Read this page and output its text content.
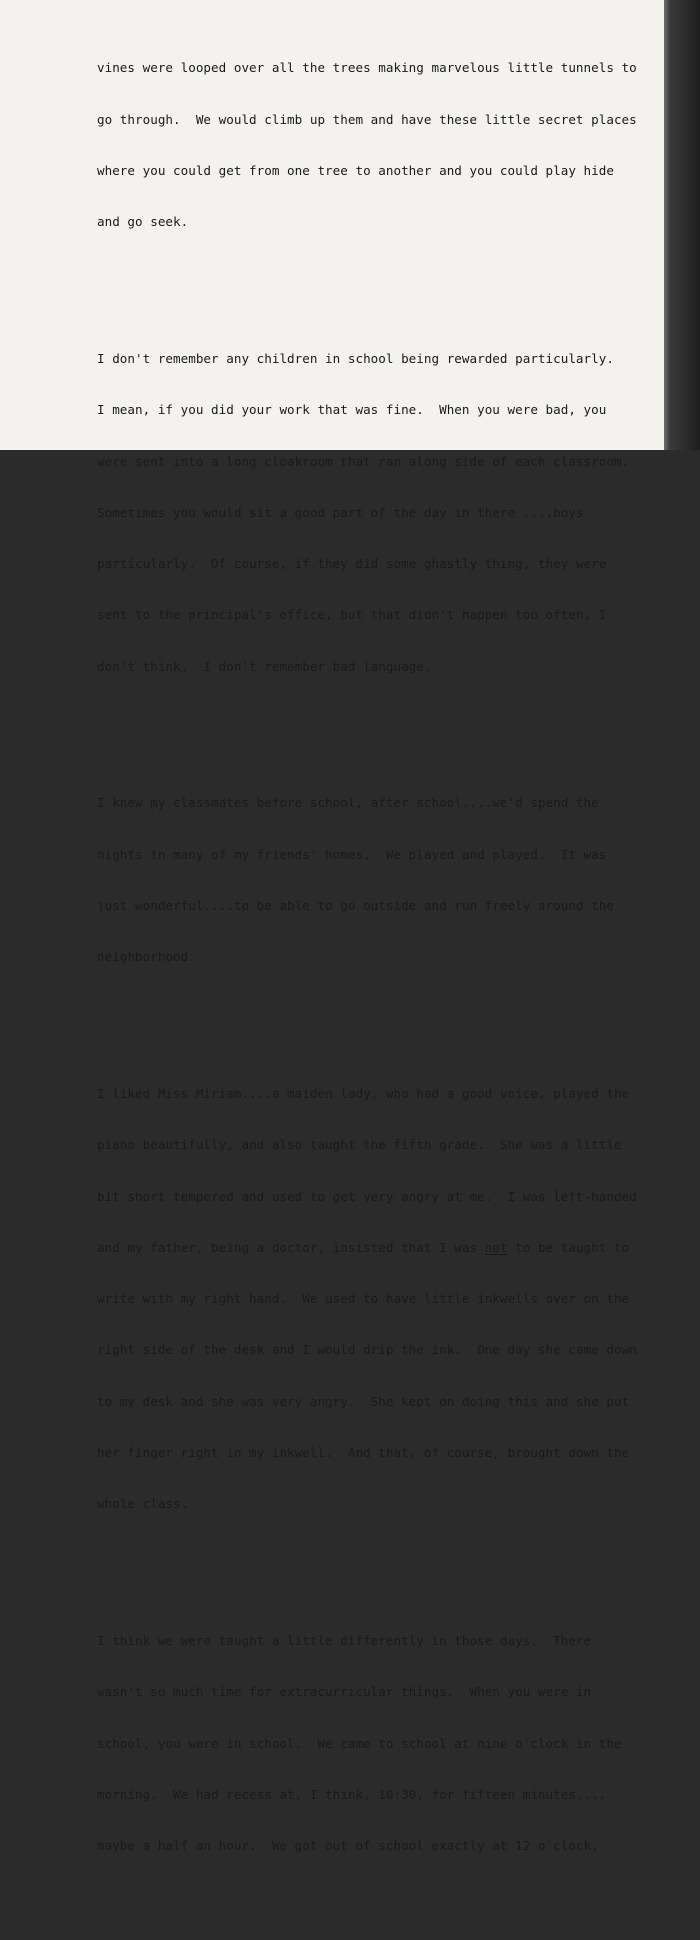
vines were looped over all the trees making marvelous little tunnels to

go through.  We would climb up them and have these little secret places

where you could get from one tree to another and you could play hide

and go seek.

I don't remember any children in school being rewarded particularly.

I mean, if you did your work that was fine.  When you were bad, you

were sent into a long cloakroom that ran along side of each classroom.

Sometimes you would sit a good part of the day in there ....boys

particularly.  Of course, if they did some ghastly thing, they were

sent to the principal's office, but that didn't happen too often, I

don't think.  I don't remember bad language.

I knew my classmates before school, after school....we'd spend the

nights in many of my friends' homes.  We played and played.  It was

just wonderful....to be able to go outside and run freely around the

neighborhood.

I liked Miss Miriam....a maiden lady, who had a good voice, played the

piano beautifully, and also taught the fifth grade.  She was a little

bit short tempered and used to get very angry at me.  I was left-handed

and my father, being a doctor, insisted that I was not to be taught to

write with my right hand.  We used to have little inkwells over on the

right side of the desk and I would drip the ink.  One day she came down

to my desk and she was very angry.  She kept on doing this and she put

her finger right in my inkwell.  And that, of course, brought down the

whole class.

I think we were taught a little differently in those days.  There

wasn't so much time for extracurricular things.  When you were in

school, you were in school.  We came to school at nine o'clock in the

morning.  We had recess at, I think, 10:30, for fifteen minutes....

maybe a half an hour.  We got out of school exactly at 12 o'clock,
